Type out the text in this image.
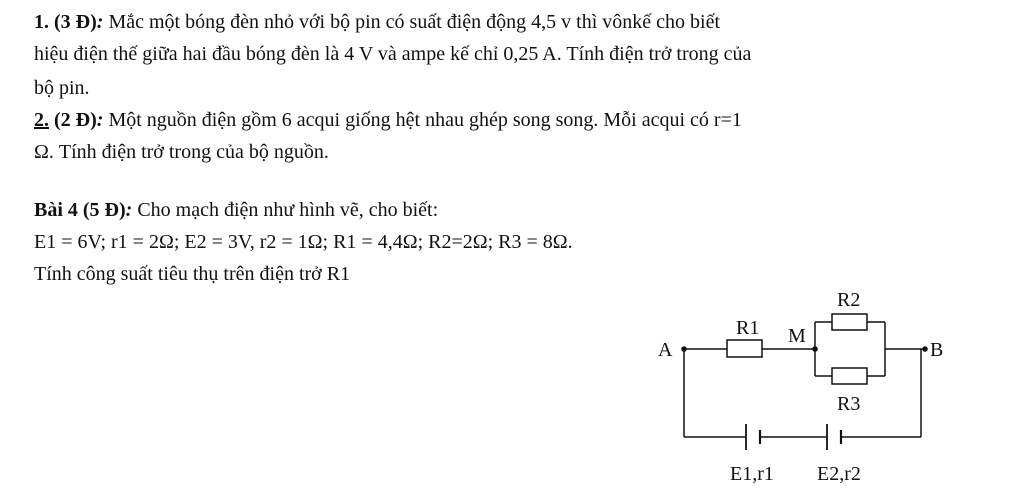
1. (3 Đ): Mắc một bóng đèn nhỏ với bộ pin có suất điện động 4,5 v thì vônkế cho biết
hiệu điện thế giữa hai đầu bóng đèn là 4 V và ampe kế chỉ 0,25 A. Tính điện trở trong của
bộ pin.
2. (2 Đ): Một nguồn điện gồm 6 acqui giống hệt nhau ghép song song. Mỗi acqui có r=1
Ω. Tính điện trở trong của bộ nguồn.
Bài 4 (5 Đ): Cho mạch điện như hình vẽ, cho biết:
E1 = 6V; r1 = 2Ω; E2 = 3V, r2 = 1Ω; R1 = 4,4Ω; R2=2Ω; R3 = 8Ω.
Tính công suất tiêu thụ trên điện trở R1
A
M
B
R1
R2
R3
E1,r1 E2,r2
